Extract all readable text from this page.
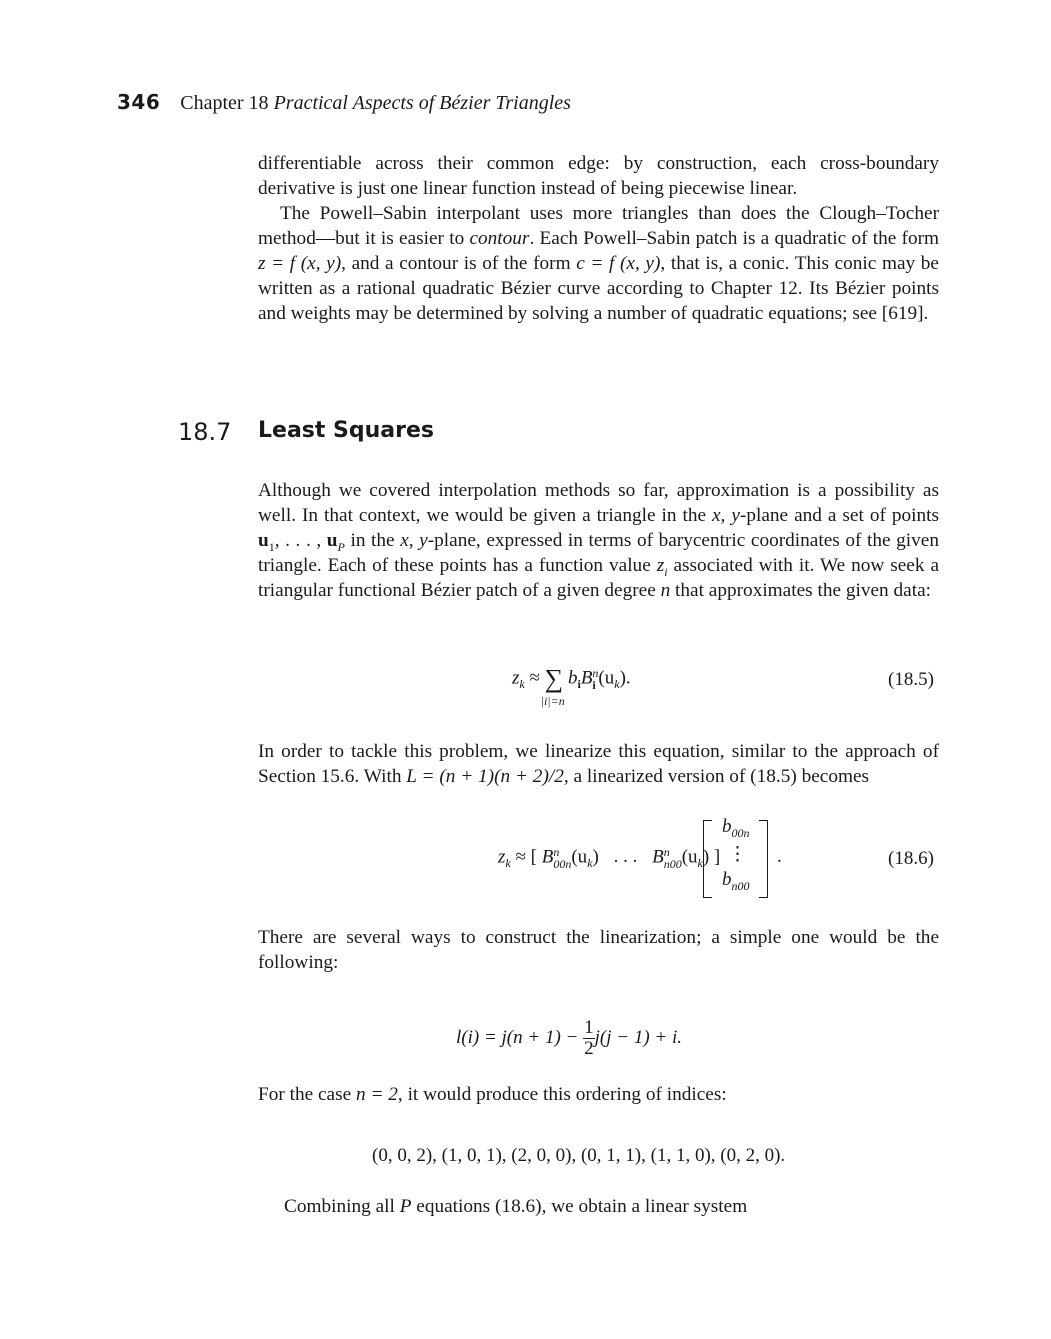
346 Chapter 18 Practical Aspects of Bézier Triangles

differentiable across their common edge: by construction, each cross-boundary derivative is just one linear function instead of being piecewise linear.

The Powell–Sabin interpolant uses more triangles than does the Clough–Tocher method—but it is easier to contour. Each Powell–Sabin patch is a quadratic of the form z = f (x, y), and a contour is of the form c = f (x, y), that is, a conic. This conic may be written as a rational quadratic Bézier curve according to Chapter 12. Its Bézier points and weights may be determined by solving a number of quadratic equations; see [619].

18.7 Least Squares

Although we covered interpolation methods so far, approximation is a possibility as well. In that context, we would be given a triangle in the x, y-plane and a set of points $u_1$, . . . , $u_P$ in the x, y-plane, expressed in terms of barycentric coordinates of the given triangle. Each of these points has a function value $z_i$ associated with it. We now seek a triangular functional Bézier patch of a given degree n that approximates the given data:

$z_k$ ≈ ∑
|i|=n
$b_iB$ n
i $(u_k)$.	(18.5)

In order to tackle this problem, we linearize this equation, similar to the approach of Section 15.6. With L = (n + 1)(n + 2)/2, a linearized version of (18.5) becomes

$z_k$ ≈ [ B n
00n $(u_k)$ . . . B n
n00 $(u_k)$ ]
$b_{00n}$
⋮
$b_{n00}$
.	(18.6)

There are several ways to construct the linearization; a simple one would be the following:

$l(i) = j(n + 1) - \frac{1}{2} j(j - 1) + i$.

For the case n = 2, it would produce this ordering of indices:

(0, 0, 2), (1, 0, 1), (2, 0, 0), (0, 1, 1), (1, 1, 0), (0, 2, 0).

Combining all P equations (18.6), we obtain a linear system
